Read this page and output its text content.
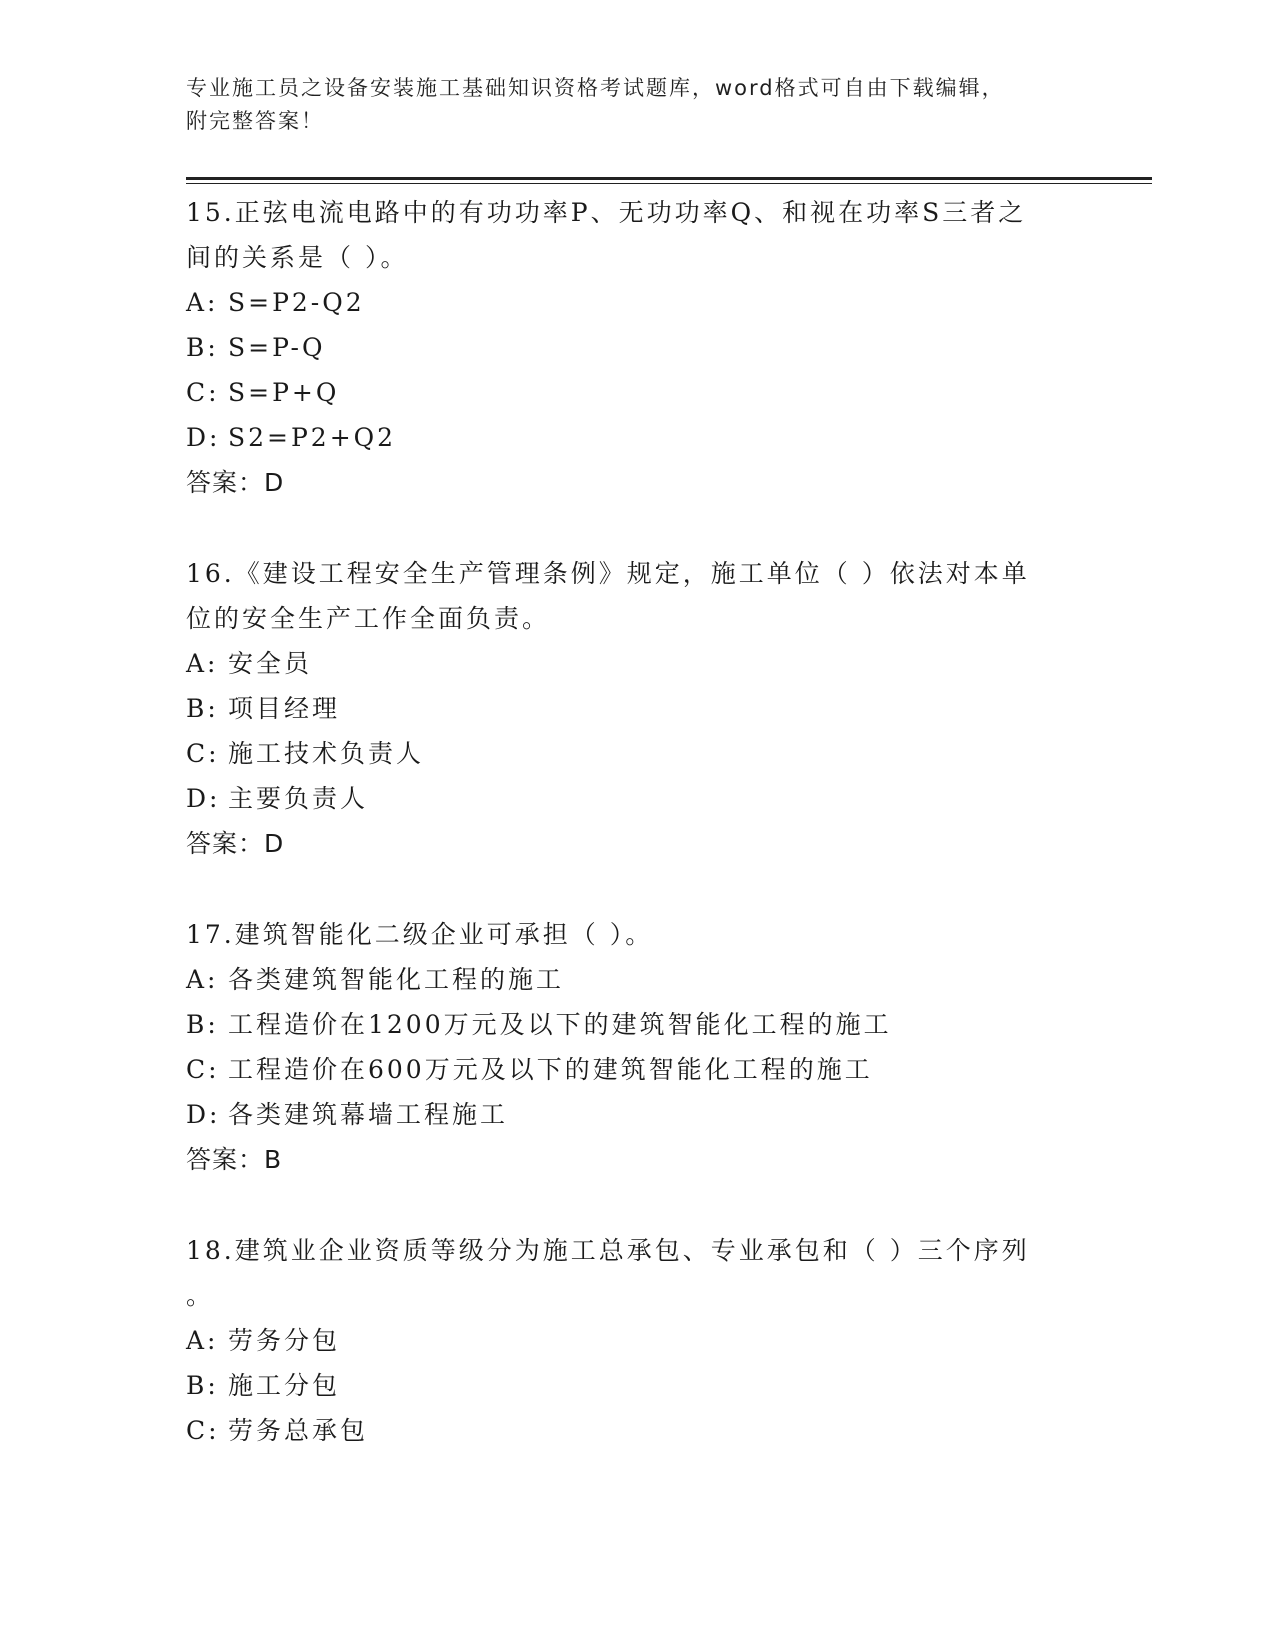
专业施工员之设备安装施工基础知识资格考试题库，word格式可自由下载编辑，
附完整答案！

15.正弦电流电路中的有功功率P、无功功率Q、和视在功率S三者之

间的关系是（ ）。

A: S=P2-Q2

B: S=P-Q

C: S=P+Q

D: S2=P2+Q2

答案：D

16.《建设工程安全生产管理条例》规定，施工单位（ ）依法对本单

位的安全生产工作全面负责。

A: 安全员

B: 项目经理

C: 施工技术负责人

D: 主要负责人

答案：D

17.建筑智能化二级企业可承担（ ）。

A: 各类建筑智能化工程的施工

B: 工程造价在1200万元及以下的建筑智能化工程的施工

C: 工程造价在600万元及以下的建筑智能化工程的施工

D: 各类建筑幕墙工程施工

答案：B

18.建筑业企业资质等级分为施工总承包、专业承包和（ ）三个序列

。

A: 劳务分包

B: 施工分包

C: 劳务总承包
